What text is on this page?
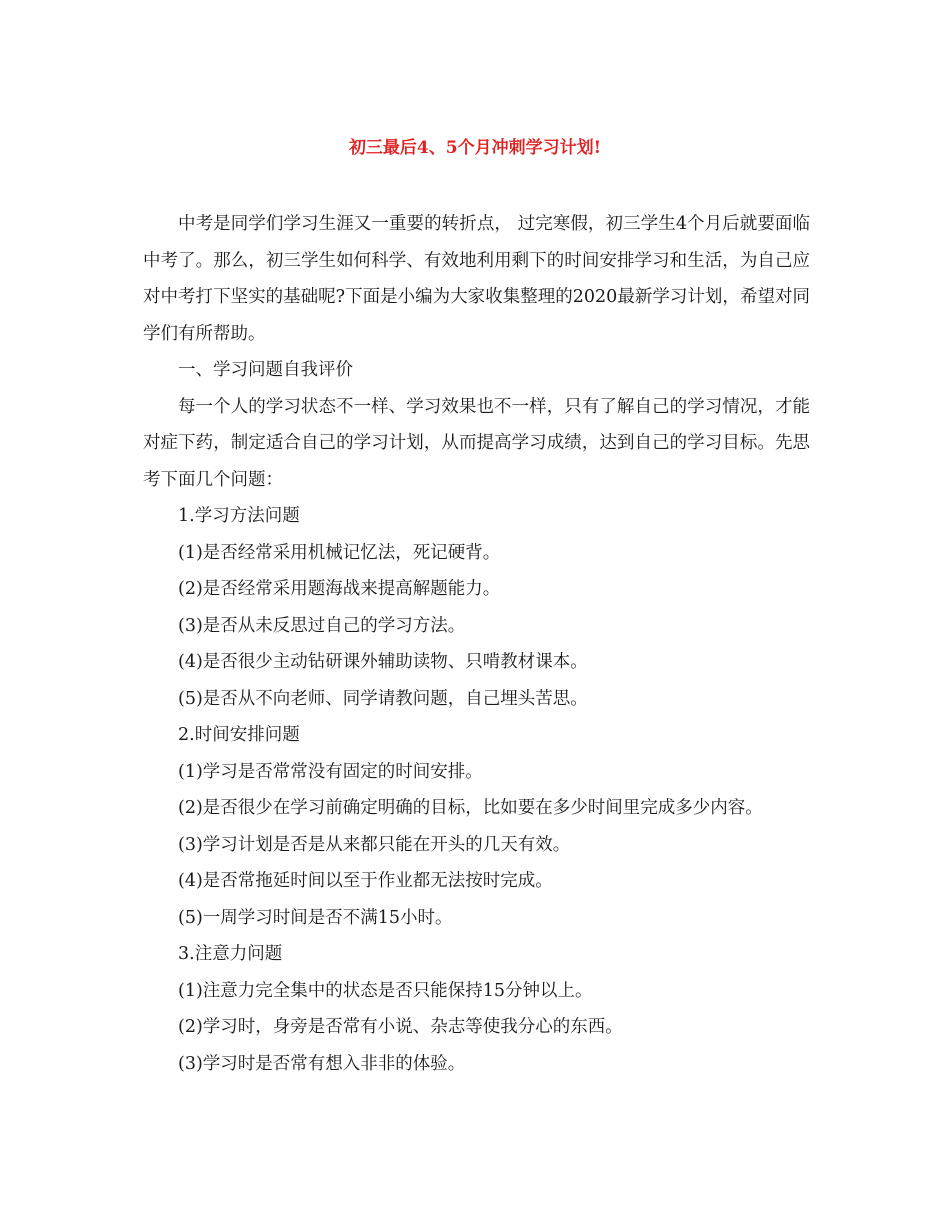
初三最后4、5个月冲刺学习计划!

中考是同学们学习生涯又一重要的转折点， 过完寒假，初三学生4个月后就要面临中考了。那么，初三学生如何科学、有效地利用剩下的时间安排学习和生活，为自己应对中考打下坚实的基础呢?下面是小编为大家收集整理的2020最新学习计划，希望对同学们有所帮助。

一、学习问题自我评价

每一个人的学习状态不一样、学习效果也不一样，只有了解自己的学习情况，才能对症下药，制定适合自己的学习计划，从而提高学习成绩，达到自己的学习目标。先思考下面几个问题：

1.学习方法问题

(1)是否经常采用机械记忆法，死记硬背。

(2)是否经常采用题海战来提高解题能力。

(3)是否从未反思过自己的学习方法。

(4)是否很少主动钻研课外辅助读物、只啃教材课本。

(5)是否从不向老师、同学请教问题，自己埋头苦思。

2.时间安排问题

(1)学习是否常常没有固定的时间安排。

(2)是否很少在学习前确定明确的目标，比如要在多少时间里完成多少内容。

(3)学习计划是否是从来都只能在开头的几天有效。

(4)是否常拖延时间以至于作业都无法按时完成。

(5)一周学习时间是否不满15小时。

3.注意力问题

(1)注意力完全集中的状态是否只能保持15分钟以上。

(2)学习时，身旁是否常有小说、杂志等使我分心的东西。

(3)学习时是否常有想入非非的体验。
